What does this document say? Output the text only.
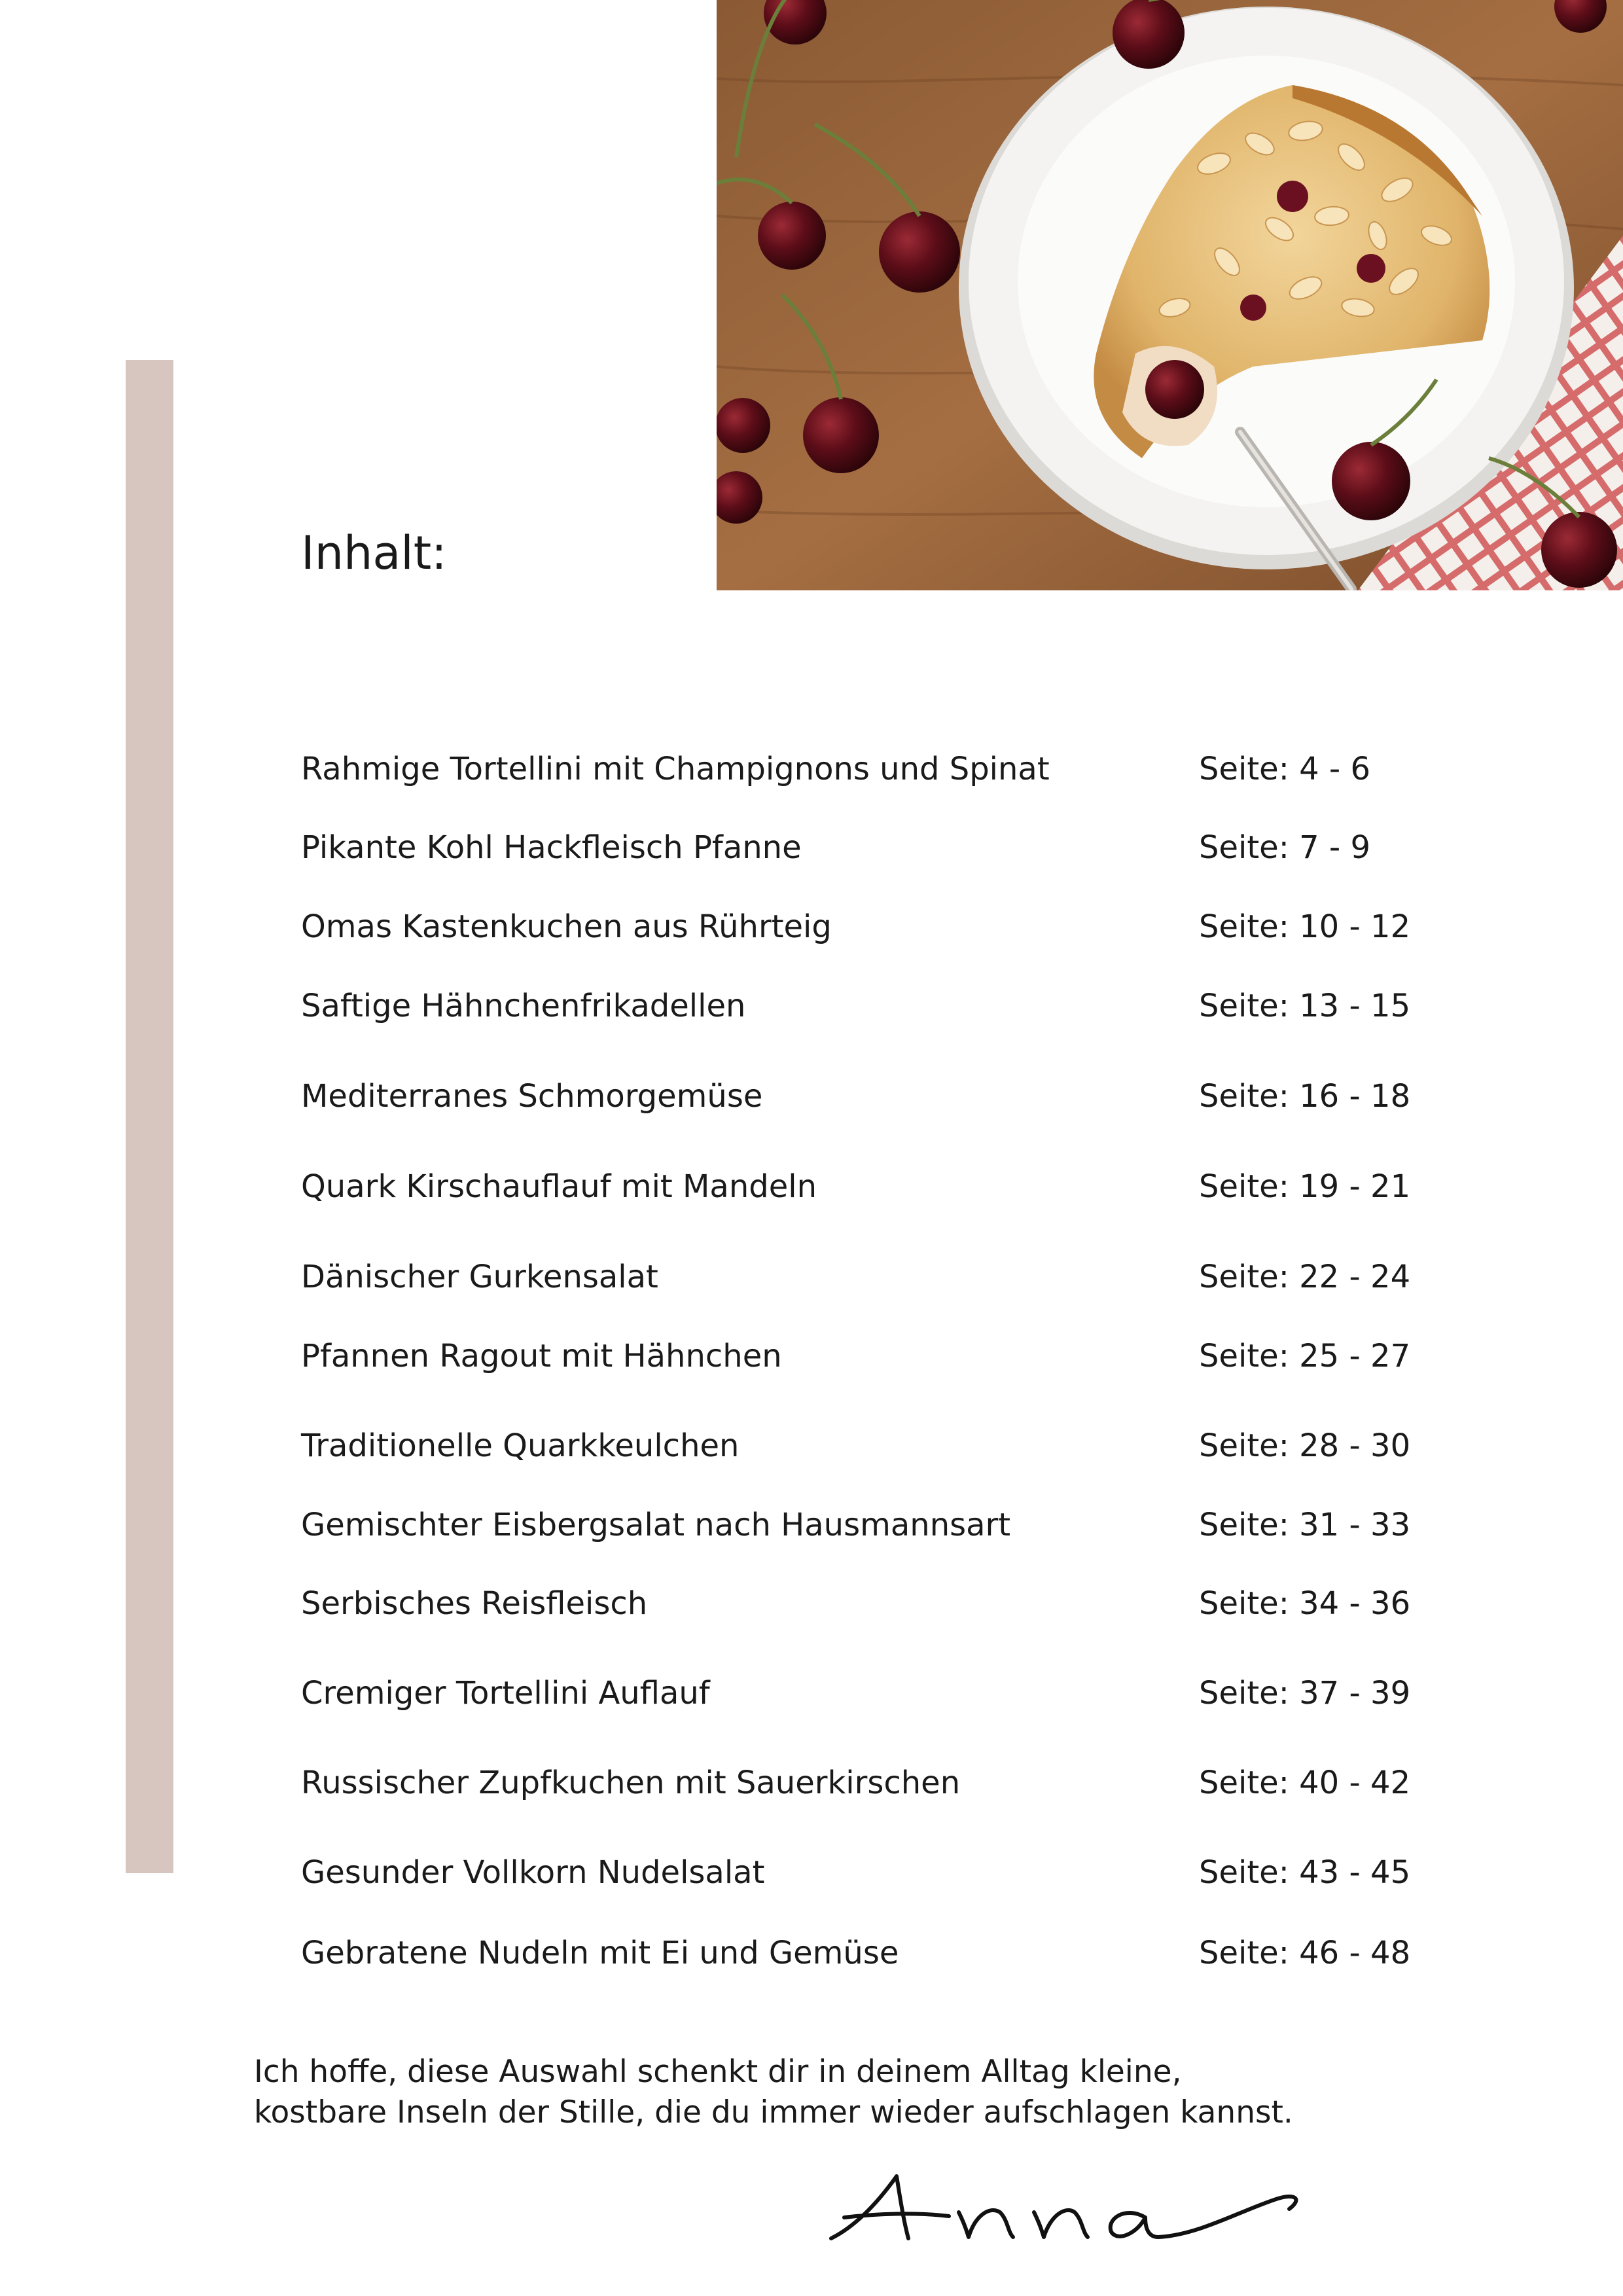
Inhalt:
Rahmige Tortellini mit Champignons und Spinat	Seite: 4 - 6
Pikante Kohl Hackfleisch Pfanne	Seite: 7 - 9
Omas Kastenkuchen aus Rührteig	Seite: 10 - 12
Saftige Hähnchenfrikadellen	Seite: 13 - 15
Mediterranes Schmorgemüse	Seite: 16 - 18
Quark Kirschauflauf mit Mandeln	Seite: 19 - 21
Dänischer Gurkensalat	Seite: 22 - 24
Pfannen Ragout mit Hähnchen	Seite: 25 - 27
Traditionelle Quarkkeulchen	Seite: 28 - 30
Gemischter Eisbergsalat nach Hausmannsart	Seite: 31 - 33
Serbisches Reisfleisch	Seite: 34 - 36
Cremiger Tortellini Auflauf	Seite: 37 - 39
Russischer Zupfkuchen mit Sauerkirschen	Seite: 40 - 42
Gesunder Vollkorn Nudelsalat	Seite: 43 - 45
Gebratene Nudeln mit Ei und Gemüse	Seite: 46 - 48

Ich hoffe, diese Auswahl schenkt dir in deinem Alltag kleine,

kostbare Inseln der Stille, die du immer wieder aufschlagen kannst.
